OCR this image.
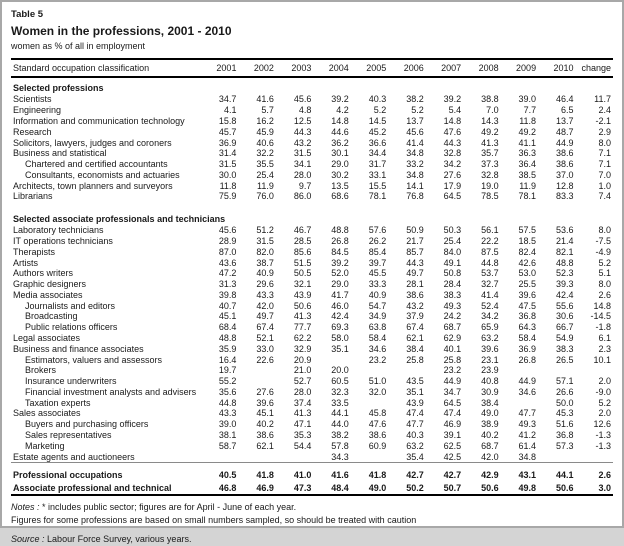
Table 5
Women in the professions, 2001 - 2010
women as % of all in employment
Standard occupation classification	2001	2002	2003	2004	2005	2006	2007	2008	2009	2010	change
Selected professions											
Scientists	34.7	41.6	45.6	39.2	40.3	38.2	39.2	38.8	39.0	46.4	11.7
Engineering	4.1	5.7	4.8	4.2	5.2	5.2	5.4	7.0	7.7	6.5	2.4
Information and communication technology	15.8	16.2	12.5	14.8	14.5	13.7	14.8	14.3	11.8	13.7	-2.1
Research	45.7	45.9	44.3	44.6	45.2	45.6	47.6	49.2	49.2	48.7	2.9
Solicitors, lawyers, judges and coroners	36.9	40.6	43.2	36.2	36.6	41.4	44.3	41.3	41.1	44.9	8.0
Business and statistical	31.4	32.2	31.5	30.1	34.4	34.8	32.8	35.7	36.3	38.6	7.1
Chartered and certified accountants	31.5	35.5	34.1	29.0	31.7	33.2	34.2	37.3	36.4	38.6	7.1
Consultants, economists and actuaries	30.0	25.4	28.0	30.2	33.1	34.8	27.6	32.8	38.5	37.0	7.0
Architects, town planners and surveyors	11.8	11.9	9.7	13.5	15.5	14.1	17.9	19.0	11.9	12.8	1.0
Librarians	75.9	76.0	86.0	68.6	78.1	76.8	64.5	78.5	78.1	83.3	7.4

Selected associate professionals and technicians											
Laboratory technicians	45.6	51.2	46.7	48.8	57.6	50.9	50.3	56.1	57.5	53.6	8.0
IT operations technicians	28.9	31.5	28.5	26.8	26.2	21.7	25.4	22.2	18.5	21.4	-7.5
Therapists	87.0	82.0	85.6	84.5	85.4	85.7	84.0	87.5	82.4	82.1	-4.9
Artists	43.6	38.7	51.5	39.2	39.7	44.3	49.1	44.8	42.6	48.8	5.2
Authors writers	47.2	40.9	50.5	52.0	45.5	49.7	50.8	53.7	53.0	52.3	5.1
Graphic designers	31.3	29.6	32.1	29.0	33.3	28.1	28.4	32.7	25.5	39.3	8.0
Media associates	39.8	43.3	43.9	41.7	40.9	38.6	38.3	41.4	39.6	42.4	2.6
Journalists and editors	40.7	42.0	50.6	46.0	54.7	43.2	49.3	52.4	47.5	55.6	14.8
Broadcasting	45.1	49.7	41.3	42.4	34.9	37.9	24.2	34.2	36.8	30.6	-14.5
Public relations officers	68.4	67.4	77.7	69.3	63.8	67.4	68.7	65.9	64.3	66.7	-1.8
Legal associates	48.8	52.1	62.2	58.0	58.4	62.1	62.9	63.2	58.4	54.9	6.1
Business and finance associates	35.9	33.0	32.9	35.1	34.6	38.4	40.1	39.6	36.9	38.3	2.3
Estimators, valuers and assessors	16.4	22.6	20.9		23.2	25.8	25.8	23.1	26.8	26.5	10.1
Brokers	19.7		21.0	20.0			23.2	23.9			
Insurance underwriters	55.2		52.7	60.5	51.0	43.5	44.9	40.8	44.9	57.1	2.0
Financial investment analysts and advisers	35.6	27.6	28.0	32.3	32.0	35.1	34.7	30.9	34.6	26.6	-9.0
Taxation experts	44.8	39.6	37.4	33.5		43.9	64.5	38.4		50.0	5.2
Sales associates	43.3	45.1	41.3	44.1	45.8	47.4	47.4	49.0	47.7	45.3	2.0
Buyers and purchasing officers	39.0	40.2	47.1	44.0	47.6	47.7	46.9	38.9	49.3	51.6	12.6
Sales representatives	38.1	38.6	35.3	38.2	38.6	40.3	39.1	40.2	41.2	36.8	-1.3
Marketing	58.7	62.1	54.4	57.8	60.9	63.2	62.5	68.7	61.4	57.3	-1.3
Estate agents and auctioneers				34.3		35.4	42.5	42.0	34.8		

Professional occupations	40.5	41.8	41.0	41.6	41.8	42.7	42.7	42.9	43.1	44.1	2.6
Associate professional and technical	46.8	46.9	47.3	48.4	49.0	50.2	50.7	50.6	49.8	50.6	3.0
Notes : * includes public sector; figures are for April - June of each year.
Figures for some professions are based on small numbers sampled, so should be treated with caution
Source : Labour Force Survey, various years.
